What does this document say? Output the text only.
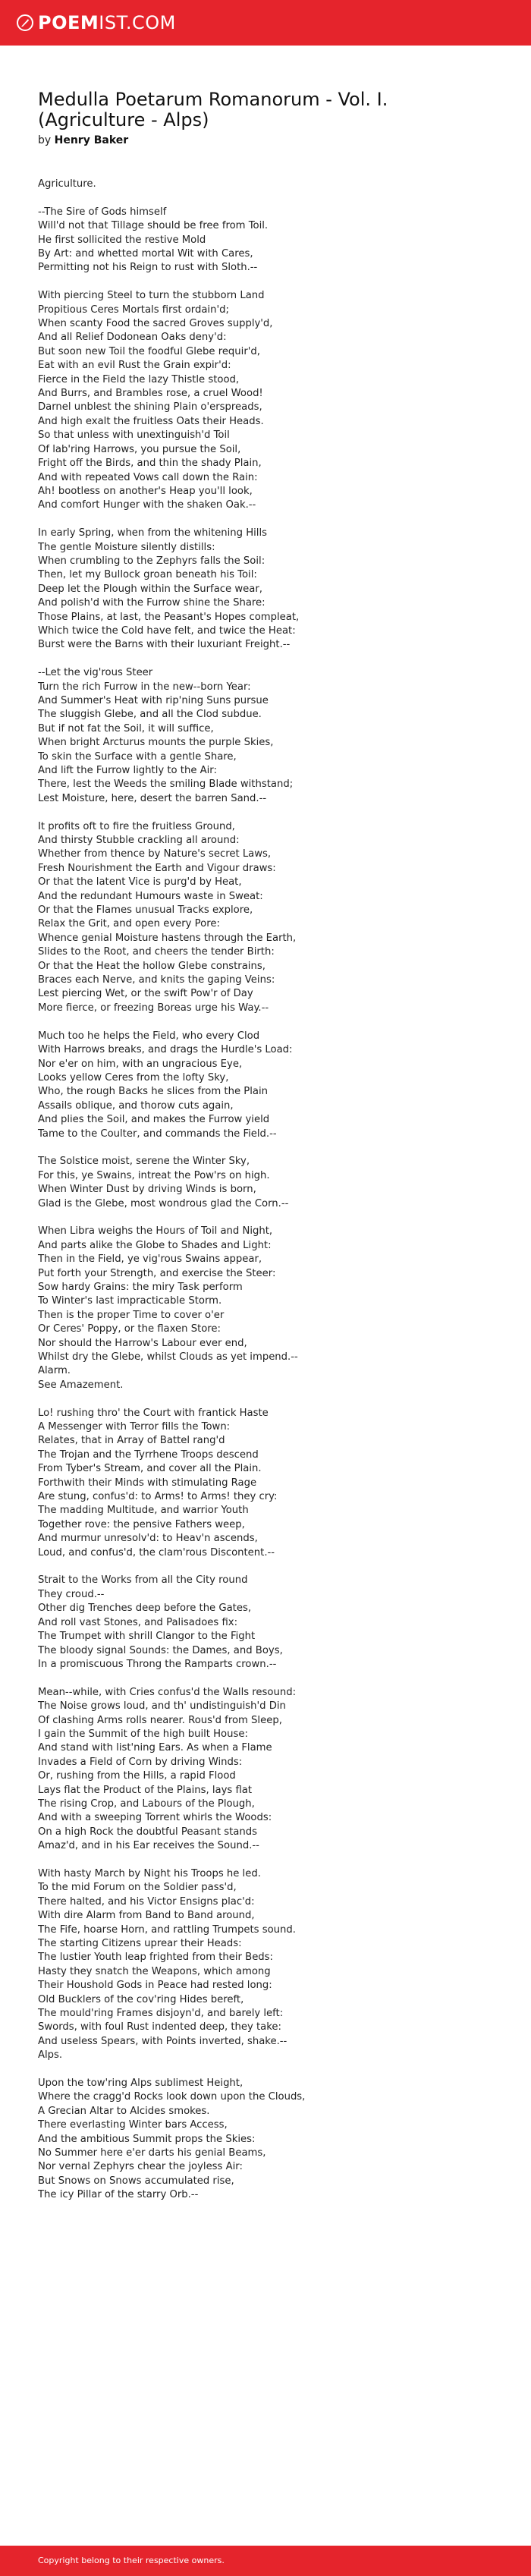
POEM IST.COM
Medulla Poetarum Romanorum - Vol. I. (Agriculture - Alps)
by Henry Baker
Agriculture.
--The Sire of Gods himself
Will'd not that Tillage should be free from Toil.
He first sollicited the restive Mold
By Art: and whetted mortal Wit with Cares,
Permitting not his Reign to rust with Sloth.--
With piercing Steel to turn the stubborn Land
Propitious Ceres Mortals first ordain'd;
When scanty Food the sacred Groves supply'd,
And all Relief Dodonean Oaks deny'd:
But soon new Toil the foodful Glebe requir'd,
Eat with an evil Rust the Grain expir'd:
Fierce in the Field the lazy Thistle stood,
And Burrs, and Brambles rose, a cruel Wood!
Darnel unblest the shining Plain o'erspreads,
And high exalt the fruitless Oats their Heads.
So that unless with unextinguish'd Toil
Of lab'ring Harrows, you pursue the Soil,
Fright off the Birds, and thin the shady Plain,
And with repeated Vows call down the Rain:
Ah! bootless on another's Heap you'll look,
And comfort Hunger with the shaken Oak.--
In early Spring, when from the whitening Hills
The gentle Moisture silently distills:
When crumbling to the Zephyrs falls the Soil:
Then, let my Bullock groan beneath his Toil:
Deep let the Plough within the Surface wear,
And polish'd with the Furrow shine the Share:
Those Plains, at last, the Peasant's Hopes compleat,
Which twice the Cold have felt, and twice the Heat:
Burst were the Barns with their luxuriant Freight.--
--Let the vig'rous Steer
Turn the rich Furrow in the new--born Year:
And Summer's Heat with rip'ning Suns pursue
The sluggish Glebe, and all the Clod subdue.
But if not fat the Soil, it will suffice,
When bright Arcturus mounts the purple Skies,
To skin the Surface with a gentle Share,
And lift the Furrow lightly to the Air:
There, lest the Weeds the smiling Blade withstand;
Lest Moisture, here, desert the barren Sand.--
It profits oft to fire the fruitless Ground,
And thirsty Stubble crackling all around:
Whether from thence by Nature's secret Laws,
Fresh Nourishment the Earth and Vigour draws:
Or that the latent Vice is purg'd by Heat,
And the redundant Humours waste in Sweat:
Or that the Flames unusual Tracks explore,
Relax the Grit, and open every Pore:
Whence genial Moisture hastens through the Earth,
Slides to the Root, and cheers the tender Birth:
Or that the Heat the hollow Glebe constrains,
Braces each Nerve, and knits the gaping Veins:
Lest piercing Wet, or the swift Pow'r of Day
More fierce, or freezing Boreas urge his Way.--
Much too he helps the Field, who every Clod
With Harrows breaks, and drags the Hurdle's Load:
Nor e'er on him, with an ungracious Eye,
Looks yellow Ceres from the lofty Sky,
Who, the rough Backs he slices from the Plain
Assails oblique, and thorow cuts again,
And plies the Soil, and makes the Furrow yield
Tame to the Coulter, and commands the Field.--
The Solstice moist, serene the Winter Sky,
For this, ye Swains, intreat the Pow'rs on high.
When Winter Dust by driving Winds is born,
Glad is the Glebe, most wondrous glad the Corn.--
When Libra weighs the Hours of Toil and Night,
And parts alike the Globe to Shades and Light:
Then in the Field, ye vig'rous Swains appear,
Put forth your Strength, and exercise the Steer:
Sow hardy Grains: the miry Task perform
To Winter's last impracticable Storm.
Then is the proper Time to cover o'er
Or Ceres' Poppy, or the flaxen Store:
Nor should the Harrow's Labour ever end,
Whilst dry the Glebe, whilst Clouds as yet impend.--
Alarm.
See Amazement.
Lo! rushing thro' the Court with frantick Haste
A Messenger with Terror fills the Town:
Relates, that in Array of Battel rang'd
The Trojan and the Tyrrhene Troops descend
From Tyber's Stream, and cover all the Plain.
Forthwith their Minds with stimulating Rage
Are stung, confus'd: to Arms! to Arms! they cry:
The madding Multitude, and warrior Youth
Together rove: the pensive Fathers weep,
And murmur unresolv'd: to Heav'n ascends,
Loud, and confus'd, the clam'rous Discontent.--
Strait to the Works from all the City round
They croud.--
Other dig Trenches deep before the Gates,
And roll vast Stones, and Palisadoes fix:
The Trumpet with shrill Clangor to the Fight
The bloody signal Sounds: the Dames, and Boys,
In a promiscuous Throng the Ramparts crown.--
Mean--while, with Cries confus'd the Walls resound:
The Noise grows loud, and th' undistinguish'd Din
Of clashing Arms rolls nearer. Rous'd from Sleep,
I gain the Summit of the high built House:
And stand with list'ning Ears. As when a Flame
Invades a Field of Corn by driving Winds:
Or, rushing from the Hills, a rapid Flood
Lays flat the Product of the Plains, lays flat
The rising Crop, and Labours of the Plough,
And with a sweeping Torrent whirls the Woods:
On a high Rock the doubtful Peasant stands
Amaz'd, and in his Ear receives the Sound.--
With hasty March by Night his Troops he led.
To the mid Forum on the Soldier pass'd,
There halted, and his Victor Ensigns plac'd:
With dire Alarm from Band to Band around,
The Fife, hoarse Horn, and rattling Trumpets sound.
The starting Citizens uprear their Heads:
The lustier Youth leap frighted from their Beds:
Hasty they snatch the Weapons, which among
Their Houshold Gods in Peace had rested long:
Old Bucklers of the cov'ring Hides bereft,
The mould'ring Frames disjoyn'd, and barely left:
Swords, with foul Rust indented deep, they take:
And useless Spears, with Points inverted, shake.--
Alps.
Upon the tow'ring Alps sublimest Height,
Where the cragg'd Rocks look down upon the Clouds,
A Grecian Altar to Alcides smokes.
There everlasting Winter bars Access,
And the ambitious Summit props the Skies:
No Summer here e'er darts his genial Beams,
Nor vernal Zephyrs chear the joyless Air:
But Snows on Snows accumulated rise,
The icy Pillar of the starry Orb.--
Copyright belong to their respective owners.
